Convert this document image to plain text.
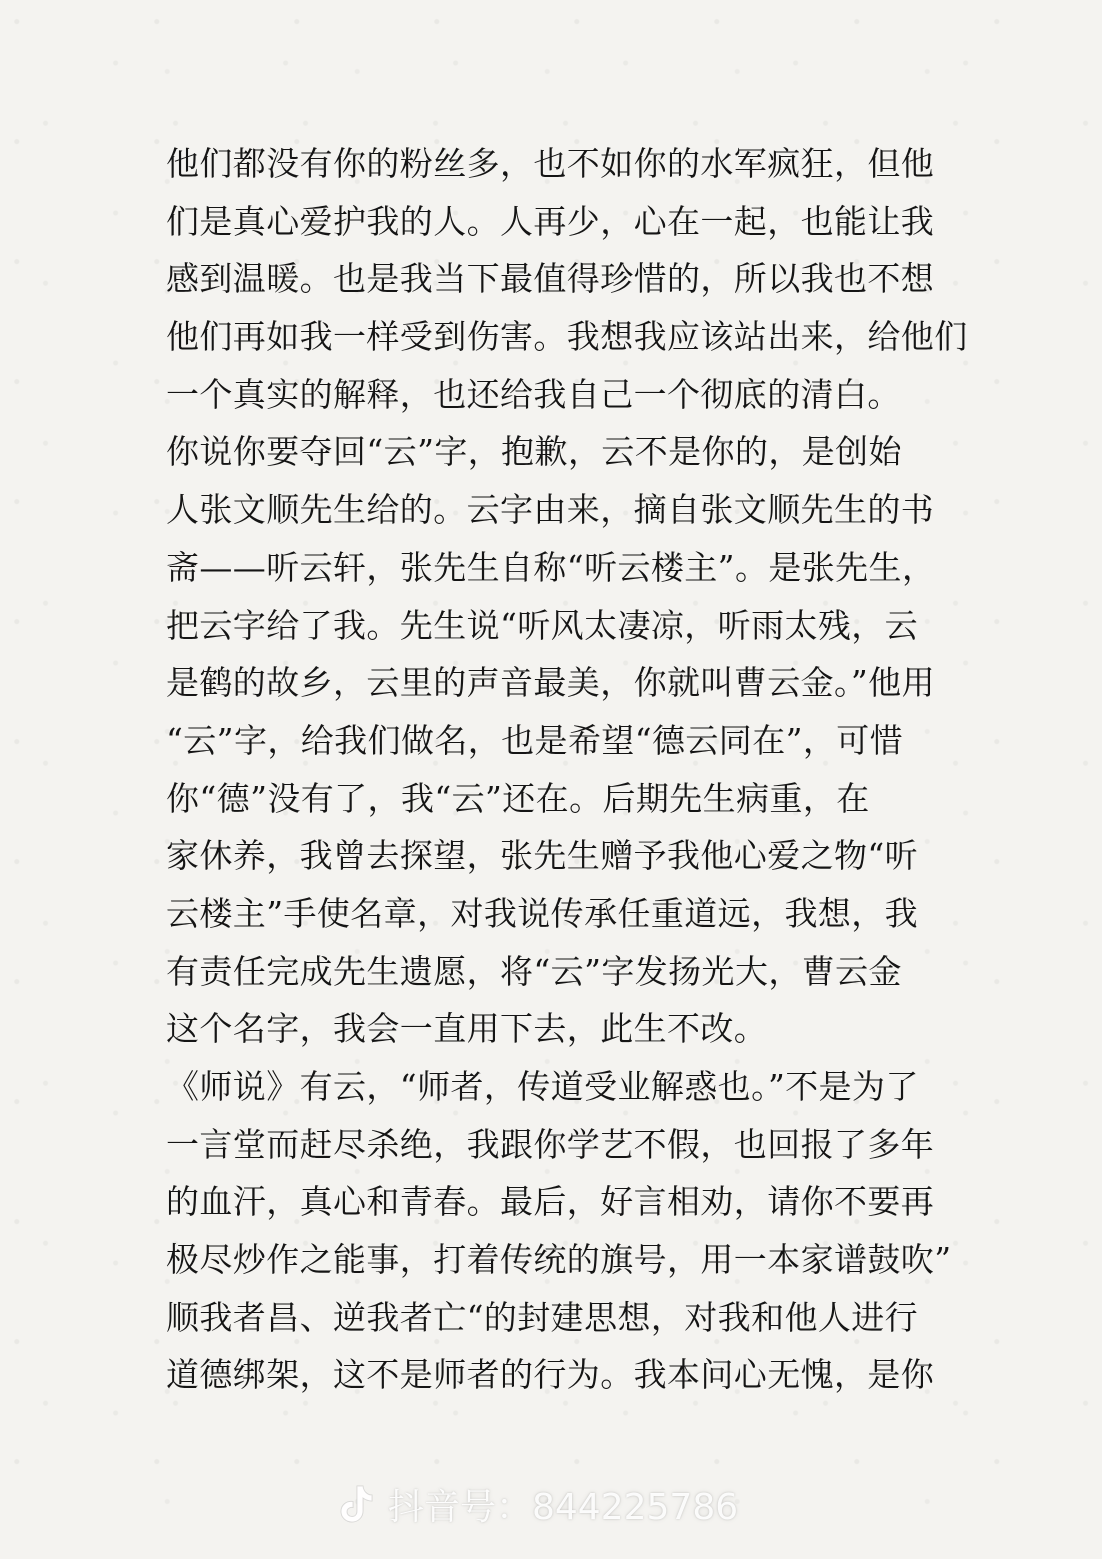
他们都没有你的粉丝多，也不如你的水军疯狂，但他
们是真心爱护我的人。人再少，心在一起，也能让我
感到温暖。也是我当下最值得珍惜的，所以我也不想
他们再如我一样受到伤害。我想我应该站出来，给他们
一个真实的解释，也还给我自己一个彻底的清白。
你说你要夺回“云”字，抱歉，云不是你的，是创始
人张文顺先生给的。云字由来，摘自张文顺先生的书
斋——听云轩，张先生自称“听云楼主”。是张先生，
把云字给了我。先生说“听风太凄凉，听雨太残，云
是鹤的故乡，云里的声音最美，你就叫曹云金。”他用
“云”字，给我们做名，也是希望“德云同在”，可惜
你“德”没有了，我“云”还在。后期先生病重，在
家休养，我曾去探望，张先生赠予我他心爱之物“听
云楼主”手使名章，对我说传承任重道远，我想，我
有责任完成先生遗愿，将“云”字发扬光大，曹云金
这个名字，我会一直用下去，此生不改。
《师说》有云，“师者，传道受业解惑也。”不是为了
一言堂而赶尽杀绝，我跟你学艺不假，也回报了多年
的血汗，真心和青春。最后，好言相劝，请你不要再
极尽炒作之能事，打着传统的旗号，用一本家谱鼓吹”
顺我者昌、逆我者亡“的封建思想，对我和他人进行
道德绑架，这不是师者的行为。我本问心无愧，是你
抖音号：844225786
